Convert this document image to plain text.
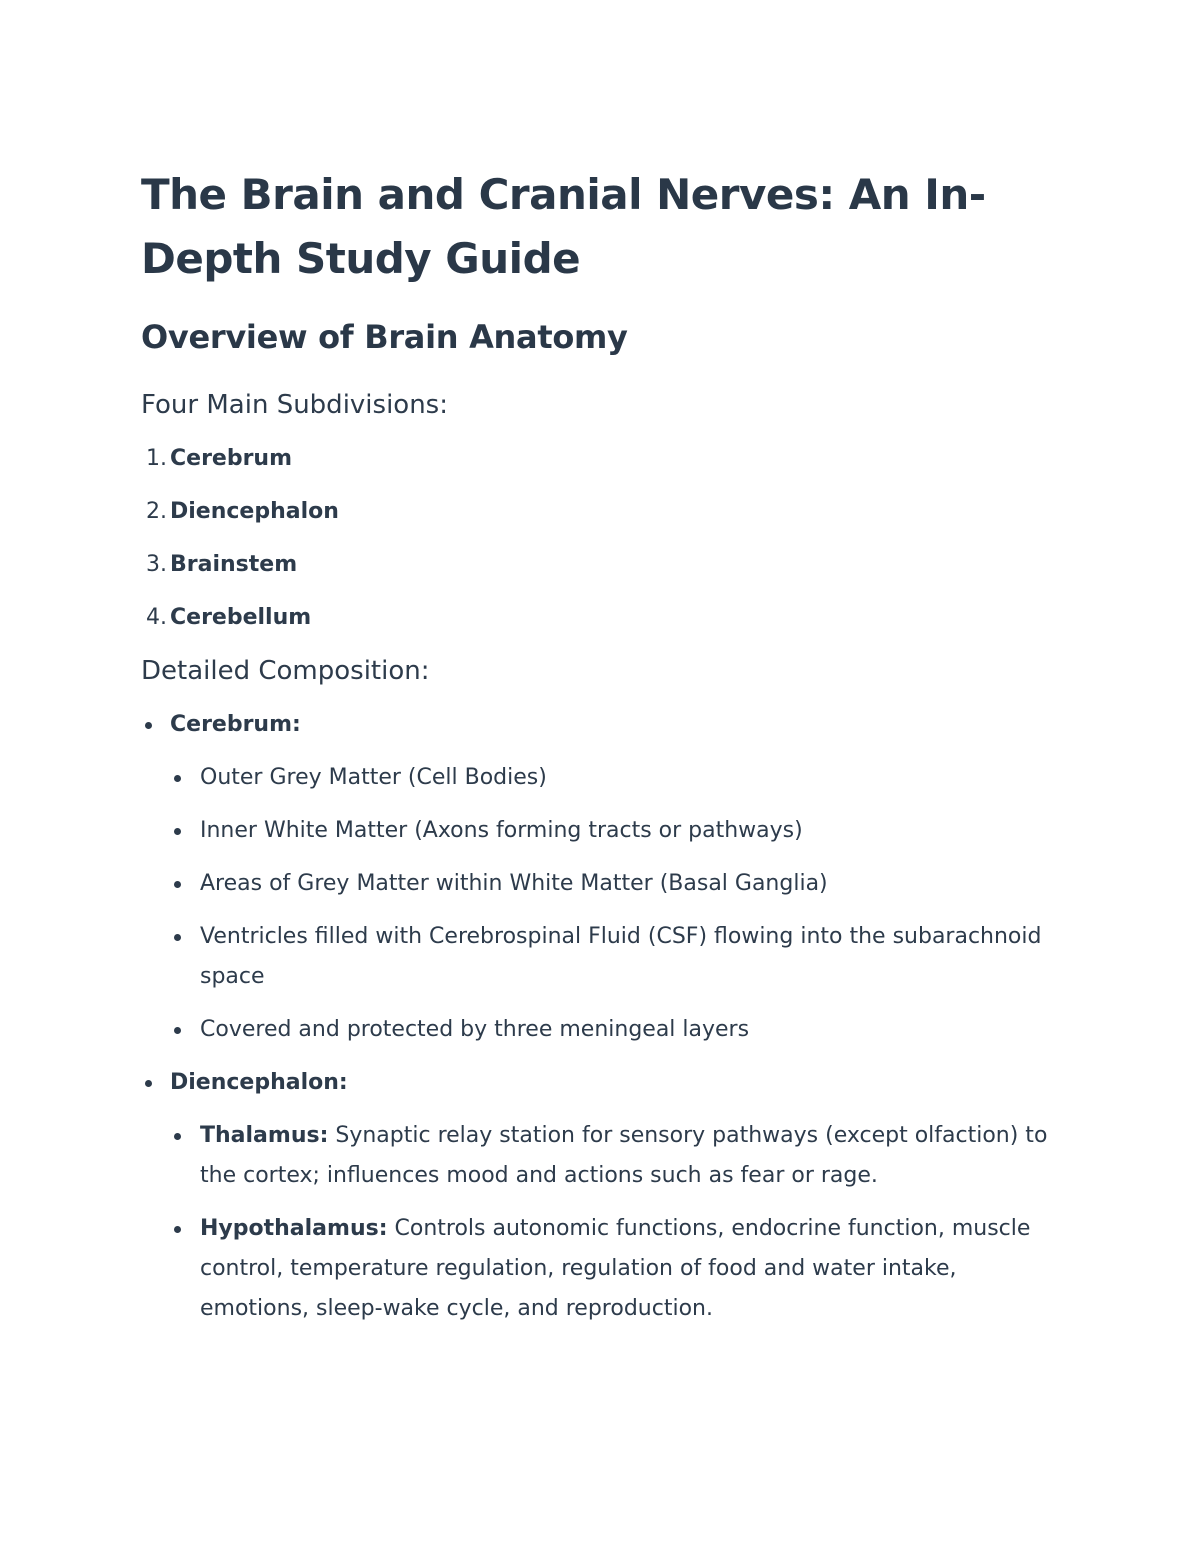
The Brain and Cranial Nerves: An In-Depth Study Guide
Overview of Brain Anatomy
Four Main Subdivisions:
1. Cerebrum
2. Diencephalon
3. Brainstem
4. Cerebellum
Detailed Composition:
Cerebrum:
Outer Grey Matter (Cell Bodies)
Inner White Matter (Axons forming tracts or pathways)
Areas of Grey Matter within White Matter (Basal Ganglia)
Ventricles filled with Cerebrospinal Fluid (CSF) flowing into the subarachnoid space
Covered and protected by three meningeal layers
Diencephalon:
Thalamus: Synaptic relay station for sensory pathways (except olfaction) to the cortex; influences mood and actions such as fear or rage.
Hypothalamus: Controls autonomic functions, endocrine function, muscle control, temperature regulation, regulation of food and water intake, emotions, sleep-wake cycle, and reproduction.
